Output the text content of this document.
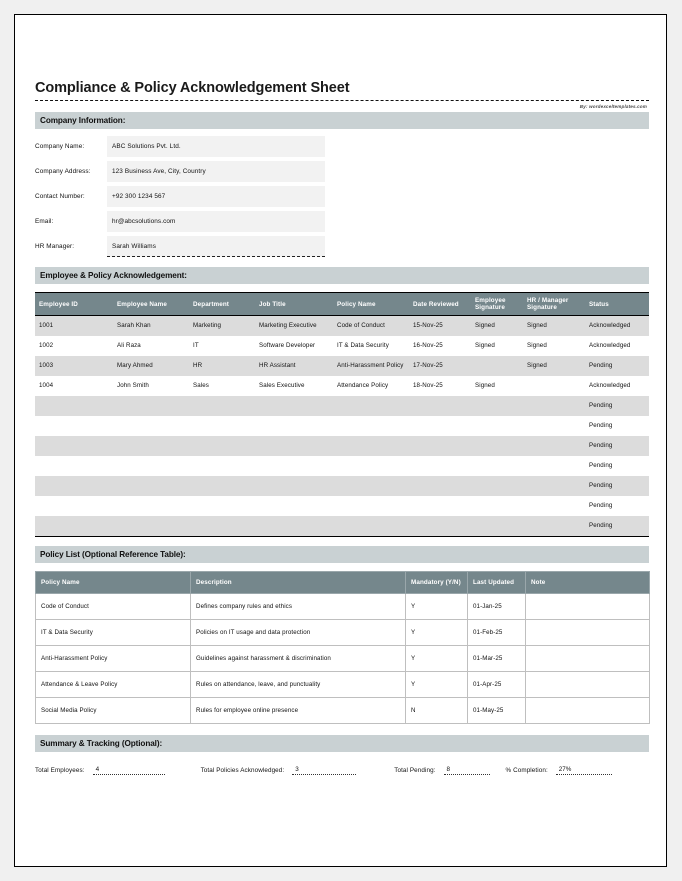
Compliance & Policy Acknowledgement Sheet
By: wordexceltemplates.com
Company Information:
Company Name:	ABC Solutions Pvt. Ltd.
Company Address:	123 Business Ave, City, Country
Contact Number:	+92 300 1234 567
Email:	hr@abcsolutions.com
HR Manager:	Sarah Williams
Employee & Policy Acknowledgement:
Employee ID	Employee Name	Department	Job Title	Policy Name	Date Reviewed	Employee Signature	HR / Manager Signature	Status
1001	Sarah Khan	Marketing	Marketing Executive	Code of Conduct	15-Nov-25	Signed	Signed	Acknowledged
1002	Ali Raza	IT	Software Developer	IT & Data Security	16-Nov-25	Signed	Signed	Acknowledged
1003	Mary Ahmed	HR	HR Assistant	Anti-Harassment Policy	17-Nov-25		Signed	Pending
1004	John Smith	Sales	Sales Executive	Attendance Policy	18-Nov-25	Signed		Acknowledged
								Pending
								Pending
								Pending
								Pending
								Pending
								Pending
								Pending
Policy List (Optional Reference Table):
Policy Name	Description	Mandatory (Y/N)	Last Updated	Note
Code of Conduct	Defines company rules and ethics	Y	01-Jan-25	
IT & Data Security	Policies on IT usage and data protection	Y	01-Feb-25	
Anti-Harassment Policy	Guidelines against harassment & discrimination	Y	01-Mar-25	
Attendance & Leave Policy	Rules on attendance, leave, and punctuality	Y	01-Apr-25	
Social Media Policy	Rules for employee online presence	N	01-May-25	
Summary & Tracking (Optional):
Total Employees:	4	Total Policies Acknowledged:	3	Total Pending:	8	% Completion:	27%
